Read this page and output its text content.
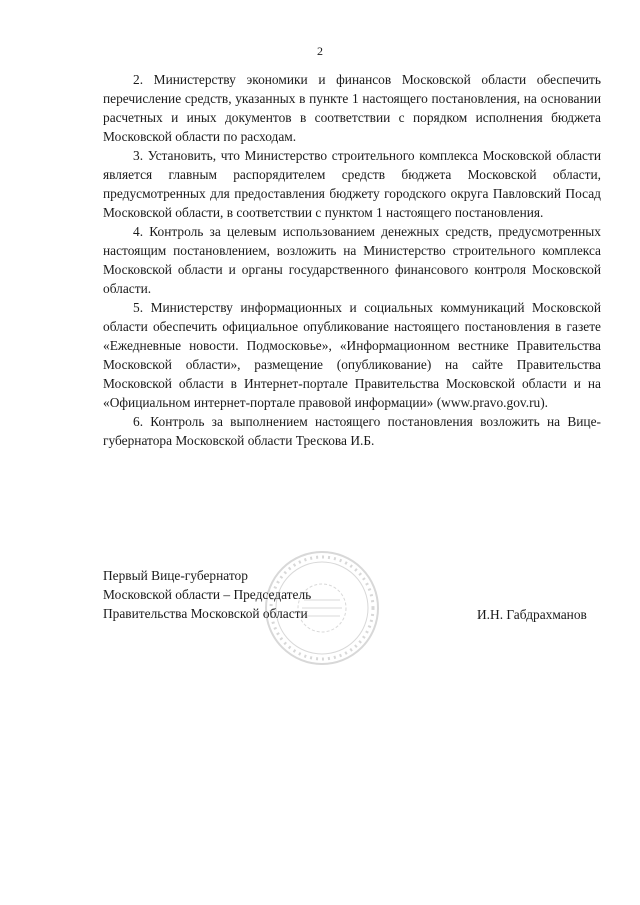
2

2. Министерству экономики и финансов Московской области обеспечить перечисление средств, указанных в пункте 1 настоящего постановления, на основании расчетных и иных документов в соответствии с порядком исполнения бюджета Московской области по расходам.

3. Установить, что Министерство строительного комплекса Московской области является главным распорядителем средств бюджета Московской области, предусмотренных для предоставления бюджету городского округа Павловский Посад Московской области, в соответствии с пунктом 1 настоящего постановления.

4. Контроль за целевым использованием денежных средств, предусмотренных настоящим постановлением, возложить на Министерство строительного комплекса Московской области и органы государственного финансового контроля Московской области.

5. Министерству информационных и социальных коммуникаций Московской области обеспечить официальное опубликование настоящего постановления в газете «Ежедневные новости. Подмосковье», «Информационном вестнике Правительства Московской области», размещение (опубликование) на сайте Правительства Московской области в Интернет-портале Правительства Московской области и на «Официальном интернет-портале правовой информации» (www.pravo.gov.ru).

6. Контроль за выполнением настоящего постановления возложить на Вице-губернатора Московской области Трескова И.Б.

Первый Вице-губернатор
Московской области – Председатель
Правительства Московской области	И.Н. Габдрахманов
